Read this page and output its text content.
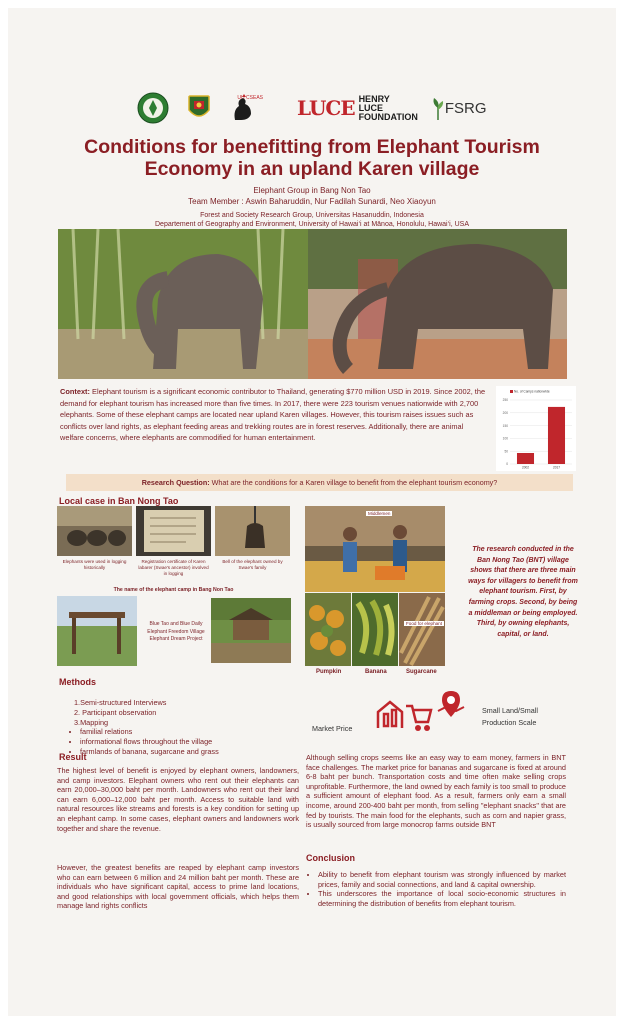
UH CSEAS LUCE HENRY
LUCE
FOUNDATION FSRG
Conditions for benefitting from Elephant Tourism
Economy in an upland Karen village
Elephant Group in Bang Non Tao
Team Member : Aswin Baharuddin, Nur Fadilah Sunardi, Neo Xiaoyun
Forest and Society Research Group, Universitas Hasanuddin, Indonesia
Departement of Geography and Environment, University of Hawai‘i at Mānoa, Honolulu, Hawai‘i, USA
Context: Elephant tourism is a significant economic contributor to Thailand, generating $770 million USD in 2019. Since 2002, the demand for elephant tourism has increased more than five times. In 2017, there were 223 tourism venues nationwide with 2,700 elephants. Some of these elephant camps are located near upland Karen villages. However, this tourism raises issues such as conflicts over land rights, as elephant feeding areas and trekking routes are in forest reserves. Additionally, there are animal welfare concerns, where elephants are commodified for human entertainment.
0
50
100
150
200
250
No. of Camps nationwide
2002	2017
Research Question: What are the conditions for a Karen village to benefit from the elephant tourism economy?
Local case in Ban Nong Tao
Elephants were used in logging historically
Registration certificate of Karen labarer (Swae's ancestor) involved in logging
Bell of the elephant owned by Swae's family
The name of the elephant camp in Bang Non Tao
Blue Tao and Blue Daily Elephant Freedom Village Elephant Dream Project
Middlemen
Food for elephant
Pumpkin	Banana	Sugarcane
The research conducted in the Ban Nong Tao (BNT) village shows that there are three main ways for villagers to benefit from elephant tourism. First, by farming crops. Second, by being a middleman or being employed. Third, by owning elephants, capital, or land.
Methods
1.Semi-structured Interviews
2. Participant observation
3.Mapping
• familial relations
• informational flows throughout the village
• farmlands of banana, sugarcane and grass
Market Price
Small Land/Small
Production Scale
Result
The highest level of benefit is enjoyed by elephant owners, landowners, and camp investors. Elephant owners who rent out their elephants can earn 20,000–30,000 baht per month. Landowners who rent out their land can earn 6,000–12,000 baht per month. Access to suitable land with natural resources like streams and forests is a key condition for setting up an elephant camp. In some cases, elephant owners and landowners work together and share the revenue.
However, the greatest benefits are reaped by elephant camp investors who can earn between 6 million and 24 million baht per month. These are individuals who have significant capital, access to prime land locations, and good relationships with local government officials, which helps them manage land rights conflicts
Although selling crops seems like an easy way to earn money, farmers in BNT face challenges. The market price for bananas and sugarcane is fixed at around 6-8 baht per bunch. Transportation costs and time often make selling crops unprofitable. Furthermore, the land owned by each family is too small to produce a sufficient amount of elephant food. As a result, farmers only earn a small income, around 200-400 baht per month, from selling "elephant snacks" that are fed by tourists. The main food for the elephants, such as corn and napier grass, is usually sourced from large monocrop farms outside BNT
Conclusion
• Ability to benefit from elephant tourism was strongly influenced by market prices, family and social connections, and land & capital ownership.
• This underscores the importance of local socio-economic structures in determining the distribution of benefits from elephant tourism.
